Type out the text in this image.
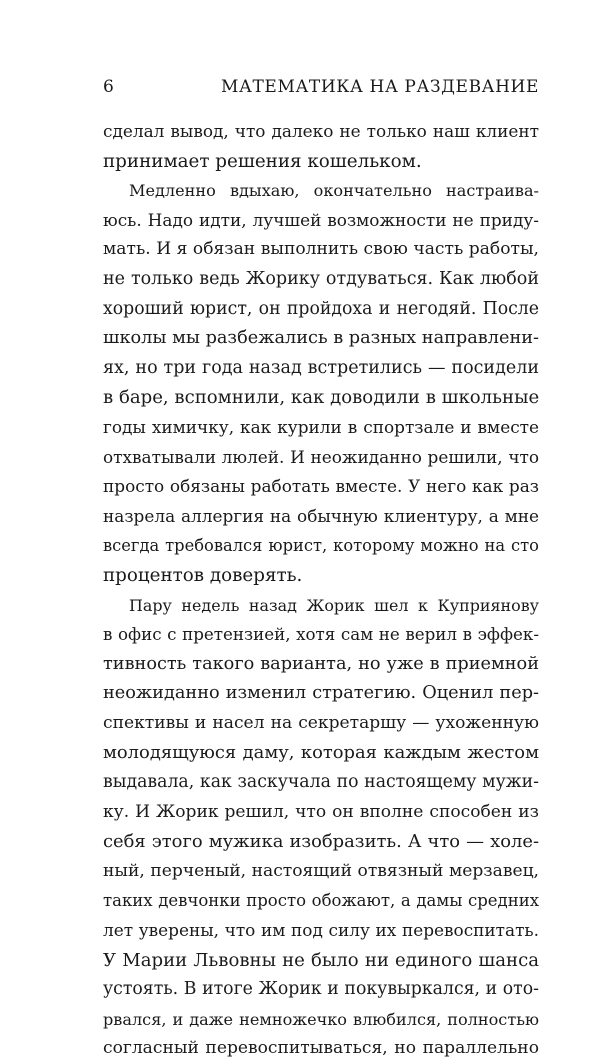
6	МАТЕМАТИКА НА РАЗДЕВАНИЕ
сделал вывод, что далеко не только наш клиент
принимает решения кошельком.
Медленно вдыхаю, окончательно настраива-
юсь. Надо идти, лучшей возможности не приду-
мать. И я обязан выполнить свою часть работы,
не только ведь Жорику отдуваться. Как любой
хороший юрист, он пройдоха и негодяй. После
школы мы разбежались в разных направлени-
ях, но три года назад встретились — посидели
в баре, вспомнили, как доводили в школьные
годы химичку, как курили в спортзале и вместе
отхватывали люлей. И неожиданно решили, что
просто обязаны работать вместе. У него как раз
назрела аллергия на обычную клиентуру, а мне
всегда требовался юрист, которому можно на сто
процентов доверять.
Пару недель назад Жорик шел к Куприянову
в офис с претензией, хотя сам не верил в эффек-
тивность такого варианта, но уже в приемной
неожиданно изменил стратегию. Оценил пер-
спективы и насел на секретаршу — ухоженную
молодящуюся даму, которая каждым жестом
выдавала, как заскучала по настоящему мужи-
ку. И Жорик решил, что он вполне способен из
себя этого мужика изобразить. А что — холе-
ный, перченый, настоящий отвязный мерзавец,
таких девчонки просто обожают, а дамы средних
лет уверены, что им под силу их перевоспитать.
У Марии Львовны не было ни единого шанса
устоять. В итоге Жорик и покувыркался, и ото-
рвался, и даже немножечко влюбился, полностью
согласный перевоспитываться, но параллельно
